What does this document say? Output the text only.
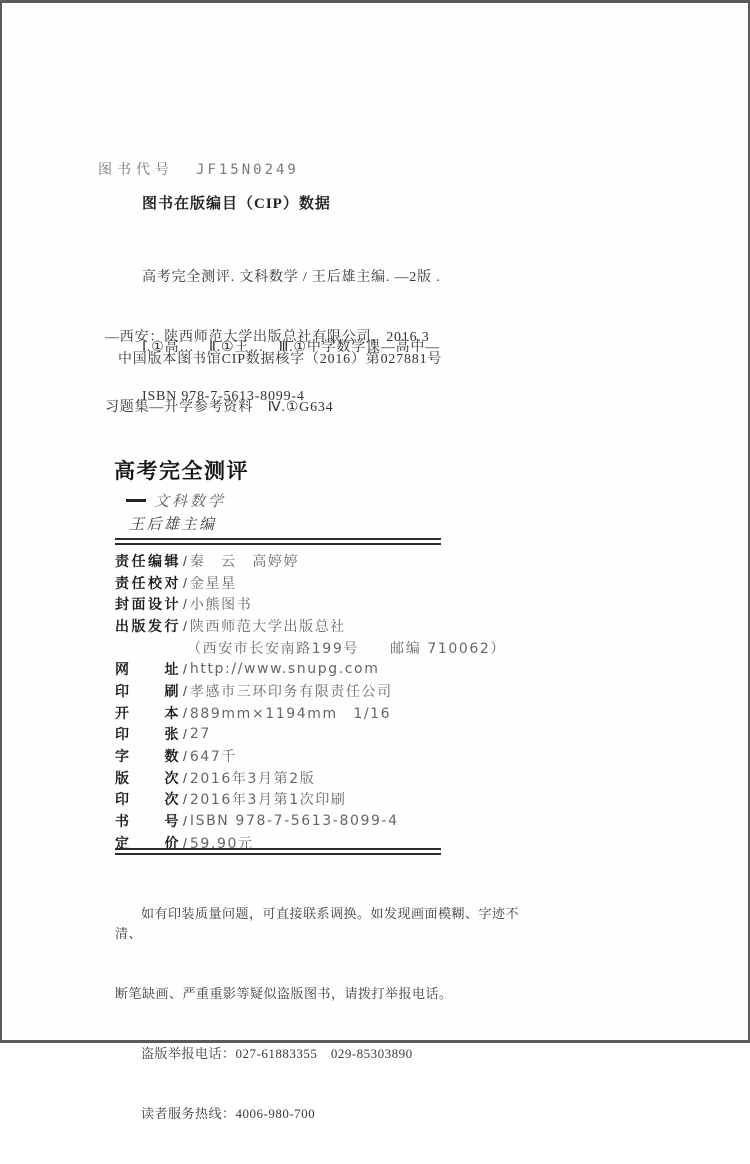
图书代号 JF15N0249
图书在版编目（CIP）数据

高考完全测评. 文科数学 / 王后雄主编. —2版 .

—西安：陕西师范大学出版总社有限公司，2016.3

ISBN 978-7-5613-8099-4

Ⅰ.①高…　Ⅱ.①王…　Ⅲ.①中学数学课—高中—

习题集—升学参考资料　Ⅳ.①G634

中国版本图书馆CIP数据核字（2016）第027881号
高考完全测评
文科数学
王后雄主编
责任编辑 / 秦　云　高婷婷
责任校对 / 金星星
封面设计 / 小熊图书
出版发行 / 陕西师范大学出版总社
（西安市长安南路199号　　邮编 710062）
网址 / http://www.snupg.com
印刷 / 孝感市三环印务有限责任公司
开本 / 889mm×1194mm　1/16
印张 / 27
字数 / 647千
版次 / 2016年3月第2版
印次 / 2016年3月第1次印刷
书号 / ISBN 978-7-5613-8099-4
定价 / 59.90元

如有印装质量问题，可直接联系调换。如发现画面模糊、字迹不清、

断笔缺画、严重重影等疑似盗版图书，请拨打举报电话。

盗版举报电话：027-61883355　029-85303890

读者服务热线：4006-980-700
